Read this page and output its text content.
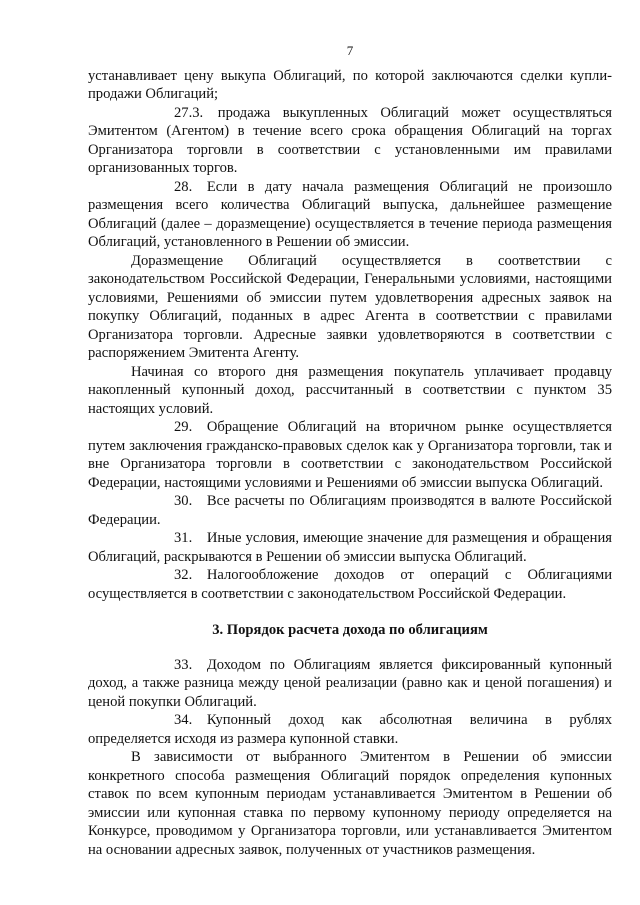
7

устанавливает цену выкупа Облигаций, по которой заключаются сделки купли-продажи Облигаций;

27.3.  продажа выкупленных Облигаций может осуществляться Эмитентом (Агентом) в течение всего срока обращения Облигаций на торгах Организатора торговли в соответствии с установленными им правилами организованных торгов.

28.  Если в дату начала размещения Облигаций не произошло размещения всего количества Облигаций выпуска, дальнейшее размещение Облигаций (далее – доразмещение) осуществляется в течение периода размещения Облигаций, установленного в Решении об эмиссии.

Доразмещение Облигаций осуществляется в соответствии с законодательством Российской Федерации, Генеральными условиями, настоящими условиями, Решениями об эмиссии путем удовлетворения адресных заявок на покупку Облигаций, поданных в адрес Агента в соответствии с правилами Организатора торговли. Адресные заявки удовлетворяются в соответствии с распоряжением Эмитента Агенту.

Начиная со второго дня размещения покупатель уплачивает продавцу накопленный купонный доход, рассчитанный в соответствии с пунктом 35 настоящих условий.

29.  Обращение Облигаций на вторичном рынке осуществляется путем заключения гражданско-правовых сделок как у Организатора торговли, так и вне Организатора торговли в соответствии с законодательством Российской Федерации, настоящими условиями и Решениями об эмиссии выпуска Облигаций.

30.  Все расчеты по Облигациям производятся в валюте Российской Федерации.

31.  Иные условия, имеющие значение для размещения и обращения Облигаций, раскрываются в Решении об эмиссии выпуска Облигаций.

32.  Налогообложение доходов от операций с Облигациями осуществляется в соответствии с законодательством Российской Федерации.

3. Порядок расчета дохода по облигациям

33.  Доходом по Облигациям является фиксированный купонный доход, а также разница между ценой реализации (равно как и ценой погашения) и ценой покупки Облигаций.

34.  Купонный доход как абсолютная величина в рублях определяется исходя из размера купонной ставки.

В зависимости от выбранного Эмитентом в Решении об эмиссии конкретного способа размещения Облигаций порядок определения купонных ставок по всем купонным периодам устанавливается Эмитентом в Решении об эмиссии или купонная ставка по первому купонному периоду определяется на Конкурсе, проводимом у Организатора торговли, или устанавливается Эмитентом на основании адресных заявок, полученных от участников размещения.
